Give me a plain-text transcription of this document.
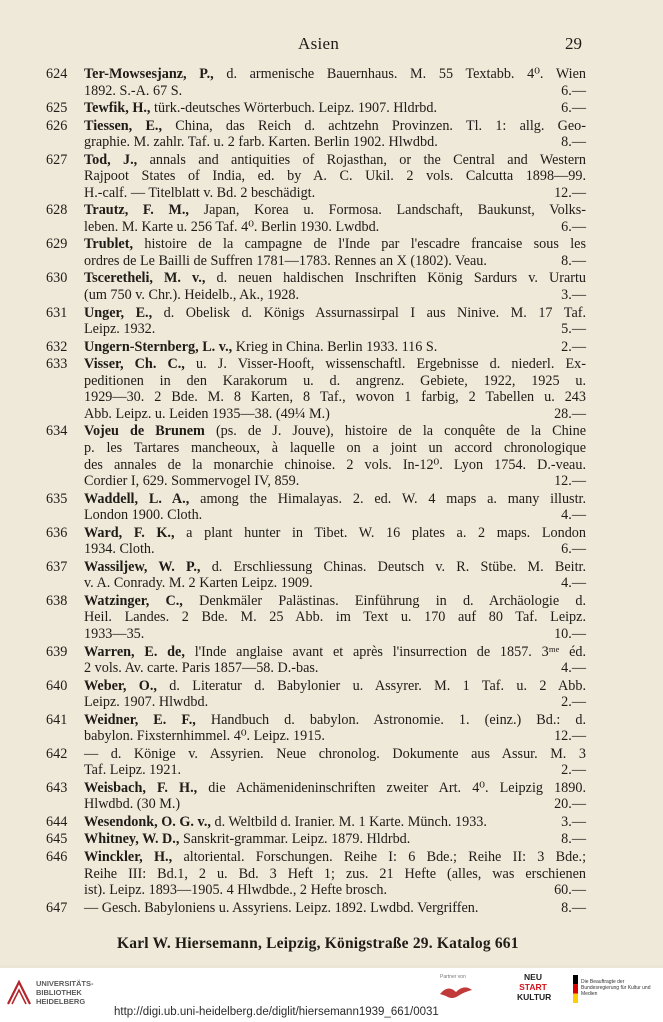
Asien	29
624	Ter-Mowsesjanz, P., d. armenische Bauernhaus. M. 55 Textabb. 4⁰. Wien
1892. S.-A. 67 S.	6.—
625	Tewfik, H., türk.-deutsches Wörterbuch. Leipz. 1907. Hldrbd.	6.—
626	Tiessen, E., China, das Reich d. achtzehn Provinzen. Tl. 1: allg. Geo-
graphie. M. zahlr. Taf. u. 2 farb. Karten. Berlin 1902. Hlwdbd.	8.—
627	Tod, J., annals and antiquities of Rojasthan, or the Central and Western
Rajpoot States of India, ed. by A. C. Ukil. 2 vols. Calcutta 1898—99.
H.-calf. — Titelblatt v. Bd. 2 beschädigt.	12.—
628	Trautz, F. M., Japan, Korea u. Formosa. Landschaft, Baukunst, Volks-
leben. M. Karte u. 256 Taf. 4⁰. Berlin 1930. Lwdbd.	6.—
629	Trublet, histoire de la campagne de l'Inde par l'escadre francaise sous les
ordres de Le Bailli de Suffren 1781—1783. Rennes an X (1802). Veau.	8.—
630	Tsceretheli, M. v., d. neuen haldischen Inschriften König Sardurs v. Urartu
(um 750 v. Chr.). Heidelb., Ak., 1928.	3.—
631	Unger, E., d. Obelisk d. Königs Assurnassirpal I aus Ninive. M. 17 Taf.
Leipz. 1932.	5.—
632	Ungern-Sternberg, L. v., Krieg in China. Berlin 1933. 116 S.	2.—
633	Visser, Ch. C., u. J. Visser-Hooft, wissenschaftl. Ergebnisse d. niederl. Ex-
peditionen in den Karakorum u. d. angrenz. Gebiete, 1922, 1925 u.
1929—30. 2 Bde. M. 8 Karten, 8 Taf., wovon 1 farbig, 2 Tabellen u. 243
Abb. Leipz. u. Leiden 1935—38. (49¼ M.)	28.—
634	Vojeu de Brunem (ps. de J. Jouve), histoire de la conquête de la Chine
p. les Tartares mancheoux, à laquelle on a joint un accord chronologique
des annales de la monarchie chinoise. 2 vols. In-12⁰. Lyon 1754. D.-veau.
Cordier I, 629. Sommervogel IV, 859.	12.—
635	Waddell, L. A., among the Himalayas. 2. ed. W. 4 maps a. many illustr.
London 1900. Cloth.	4.—
636	Ward, F. K., a plant hunter in Tibet. W. 16 plates a. 2 maps. London
1934. Cloth.	6.—
637	Wassiljew, W. P., d. Erschliessung Chinas. Deutsch v. R. Stübe. M. Beitr.
v. A. Conrady. M. 2 Karten Leipz. 1909.	4.—
638	Watzinger, C., Denkmäler Palästinas. Einführung in d. Archäologie d.
Heil. Landes. 2 Bde. M. 25 Abb. im Text u. 170 auf 80 Taf. Leipz.
1933—35.	10.—
639	Warren, E. de, l'Inde anglaise avant et après l'insurrection de 1857. 3ᵐᵉ éd.
2 vols. Av. carte. Paris 1857—58. D.-bas.	4.—
640	Weber, O., d. Literatur d. Babylonier u. Assyrer. M. 1 Taf. u. 2 Abb.
Leipz. 1907. Hlwdbd.	2.—
641	Weidner, E. F., Handbuch d. babylon. Astronomie. 1. (einz.) Bd.: d.
babylon. Fixsternhimmel. 4⁰. Leipz. 1915.	12.—
642	— d. Könige v. Assyrien. Neue chronolog. Dokumente aus Assur. M. 3
Taf. Leipz. 1921.	2.—
643	Weisbach, F. H., die Achämenideninschriften zweiter Art. 4⁰. Leipzig 1890.
Hlwdbd. (30 M.)	20.—
644	Wesendonk, O. G. v., d. Weltbild d. Iranier. M. 1 Karte. Münch. 1933.	3.—
645	Whitney, W. D., Sanskrit-grammar. Leipz. 1879. Hldrbd.	8.—
646	Winckler, H., altoriental. Forschungen. Reihe I: 6 Bde.; Reihe II: 3 Bde.;
Reihe III: Bd.1, 2 u. Bd. 3 Heft 1; zus. 21 Hefte (alles, was erschienen
ist). Leipz. 1893—1905. 4 Hlwdbde., 2 Hefte brosch.	60.—
647	— Gesch. Babyloniens u. Assyriens. Leipz. 1892. Lwdbd. Vergriffen.	8.—
Karl W. Hiersemann, Leipzig, Königstraße 29. Katalog 661
UNIVERSITÄTS-
BIBLIOTHEK
HEIDELBERG
http://digi.ub.uni-heidelberg.de/diglit/hiersemann1939_661/0031
Partner von	NEU
START
KULTUR
Die Beauftragte der Bundesregierung für Kultur und Medien
